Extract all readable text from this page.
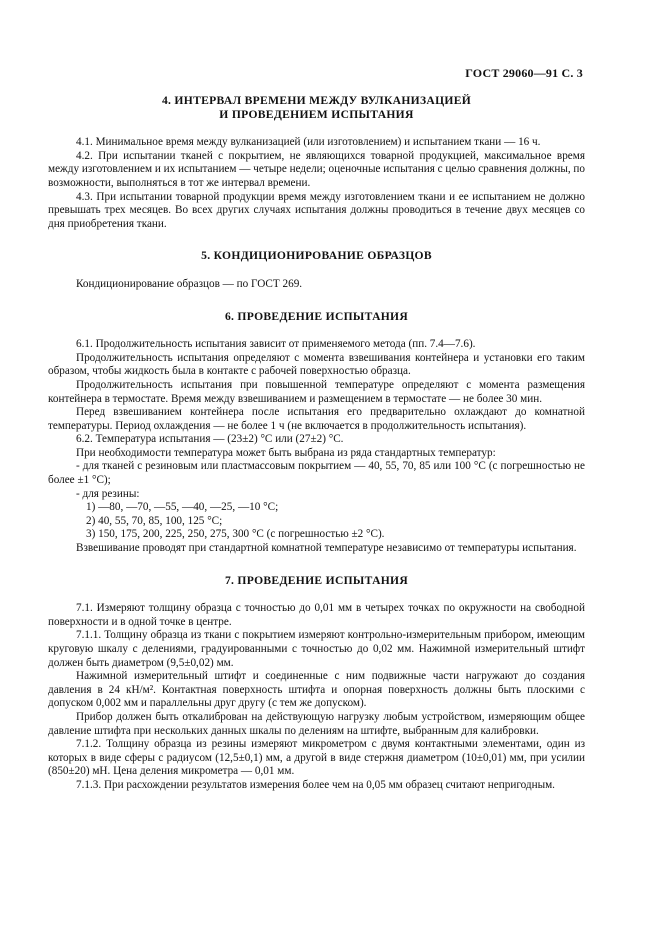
ГОСТ 29060—91 С. 3
4. ИНТЕРВАЛ ВРЕМЕНИ МЕЖДУ ВУЛКАНИЗАЦИЕЙ
И ПРОВЕДЕНИЕМ ИСПЫТАНИЯ

4.1. Минимальное время между вулканизацией (или изготовлением) и испытанием ткани — 16 ч.

4.2. При испытании тканей с покрытием, не являющихся товарной продукцией, максимальное время между изготовлением и их испытанием — четыре недели; оценочные испытания с целью сравнения должны, по возможности, выполняться в тот же интервал времени.

4.3. При испытании товарной продукции время между изготовлением ткани и ее испытанием не должно превышать трех месяцев. Во всех других случаях испытания должны проводиться в течение двух месяцев со дня приобретения ткани.

5. КОНДИЦИОНИРОВАНИЕ ОБРАЗЦОВ

Кондиционирование образцов — по ГОСТ 269.

6. ПРОВЕДЕНИЕ ИСПЫТАНИЯ

6.1. Продолжительность испытания зависит от применяемого метода (пп. 7.4—7.6).

Продолжительность испытания определяют с момента взвешивания контейнера и установки его таким образом, чтобы жидкость была в контакте с рабочей поверхностью образца.

Продолжительность испытания при повышенной температуре определяют с момента размещения контейнера в термостате. Время между взвешиванием и размещением в термостате — не более 30 мин.

Перед взвешиванием контейнера после испытания его предварительно охлаждают до комнатной температуры. Период охлаждения — не более 1 ч (не включается в продолжительность испытания).

6.2. Температура испытания — (23±2) °С или (27±2) °С.

При необходимости температура может быть выбрана из ряда стандартных температур:

- для тканей с резиновым или пластмассовым покрытием — 40, 55, 70, 85 или 100 °С (с погрешностью не более ±1 °С);

- для резины:

1) —80, —70, —55, —40, —25, —10 °С;

2) 40, 55, 70, 85, 100, 125 °С;

3) 150, 175, 200, 225, 250, 275, 300 °С (с погрешностью ±2 °С).

Взвешивание проводят при стандартной комнатной температуре независимо от температуры испытания.

7. ПРОВЕДЕНИЕ ИСПЫТАНИЯ

7.1. Измеряют толщину образца с точностью до 0,01 мм в четырех точках по окружности на свободной поверхности и в одной точке в центре.

7.1.1. Толщину образца из ткани с покрытием измеряют контрольно-измерительным прибором, имеющим круговую шкалу с делениями, градуированными с точностью до 0,02 мм. Нажимной измерительный штифт должен быть диаметром (9,5±0,02) мм.

Нажимной измерительный штифт и соединенные с ним подвижные части нагружают до создания давления в 24 кН/м². Контактная поверхность штифта и опорная поверхность должны быть плоскими с допуском 0,002 мм и параллельны друг другу (с тем же допуском).

Прибор должен быть откалиброван на действующую нагрузку любым устройством, измеряющим общее давление штифта при нескольких данных шкалы по делениям на штифте, выбранным для калибровки.

7.1.2. Толщину образца из резины измеряют микрометром с двумя контактными элементами, один из которых в виде сферы с радиусом (12,5±0,1) мм, а другой в виде стержня диаметром (10±0,01) мм, при усилии (850±20) мН. Цена деления микрометра — 0,01 мм.

7.1.3. При расхождении результатов измерения более чем на 0,05 мм образец считают непригодным.
